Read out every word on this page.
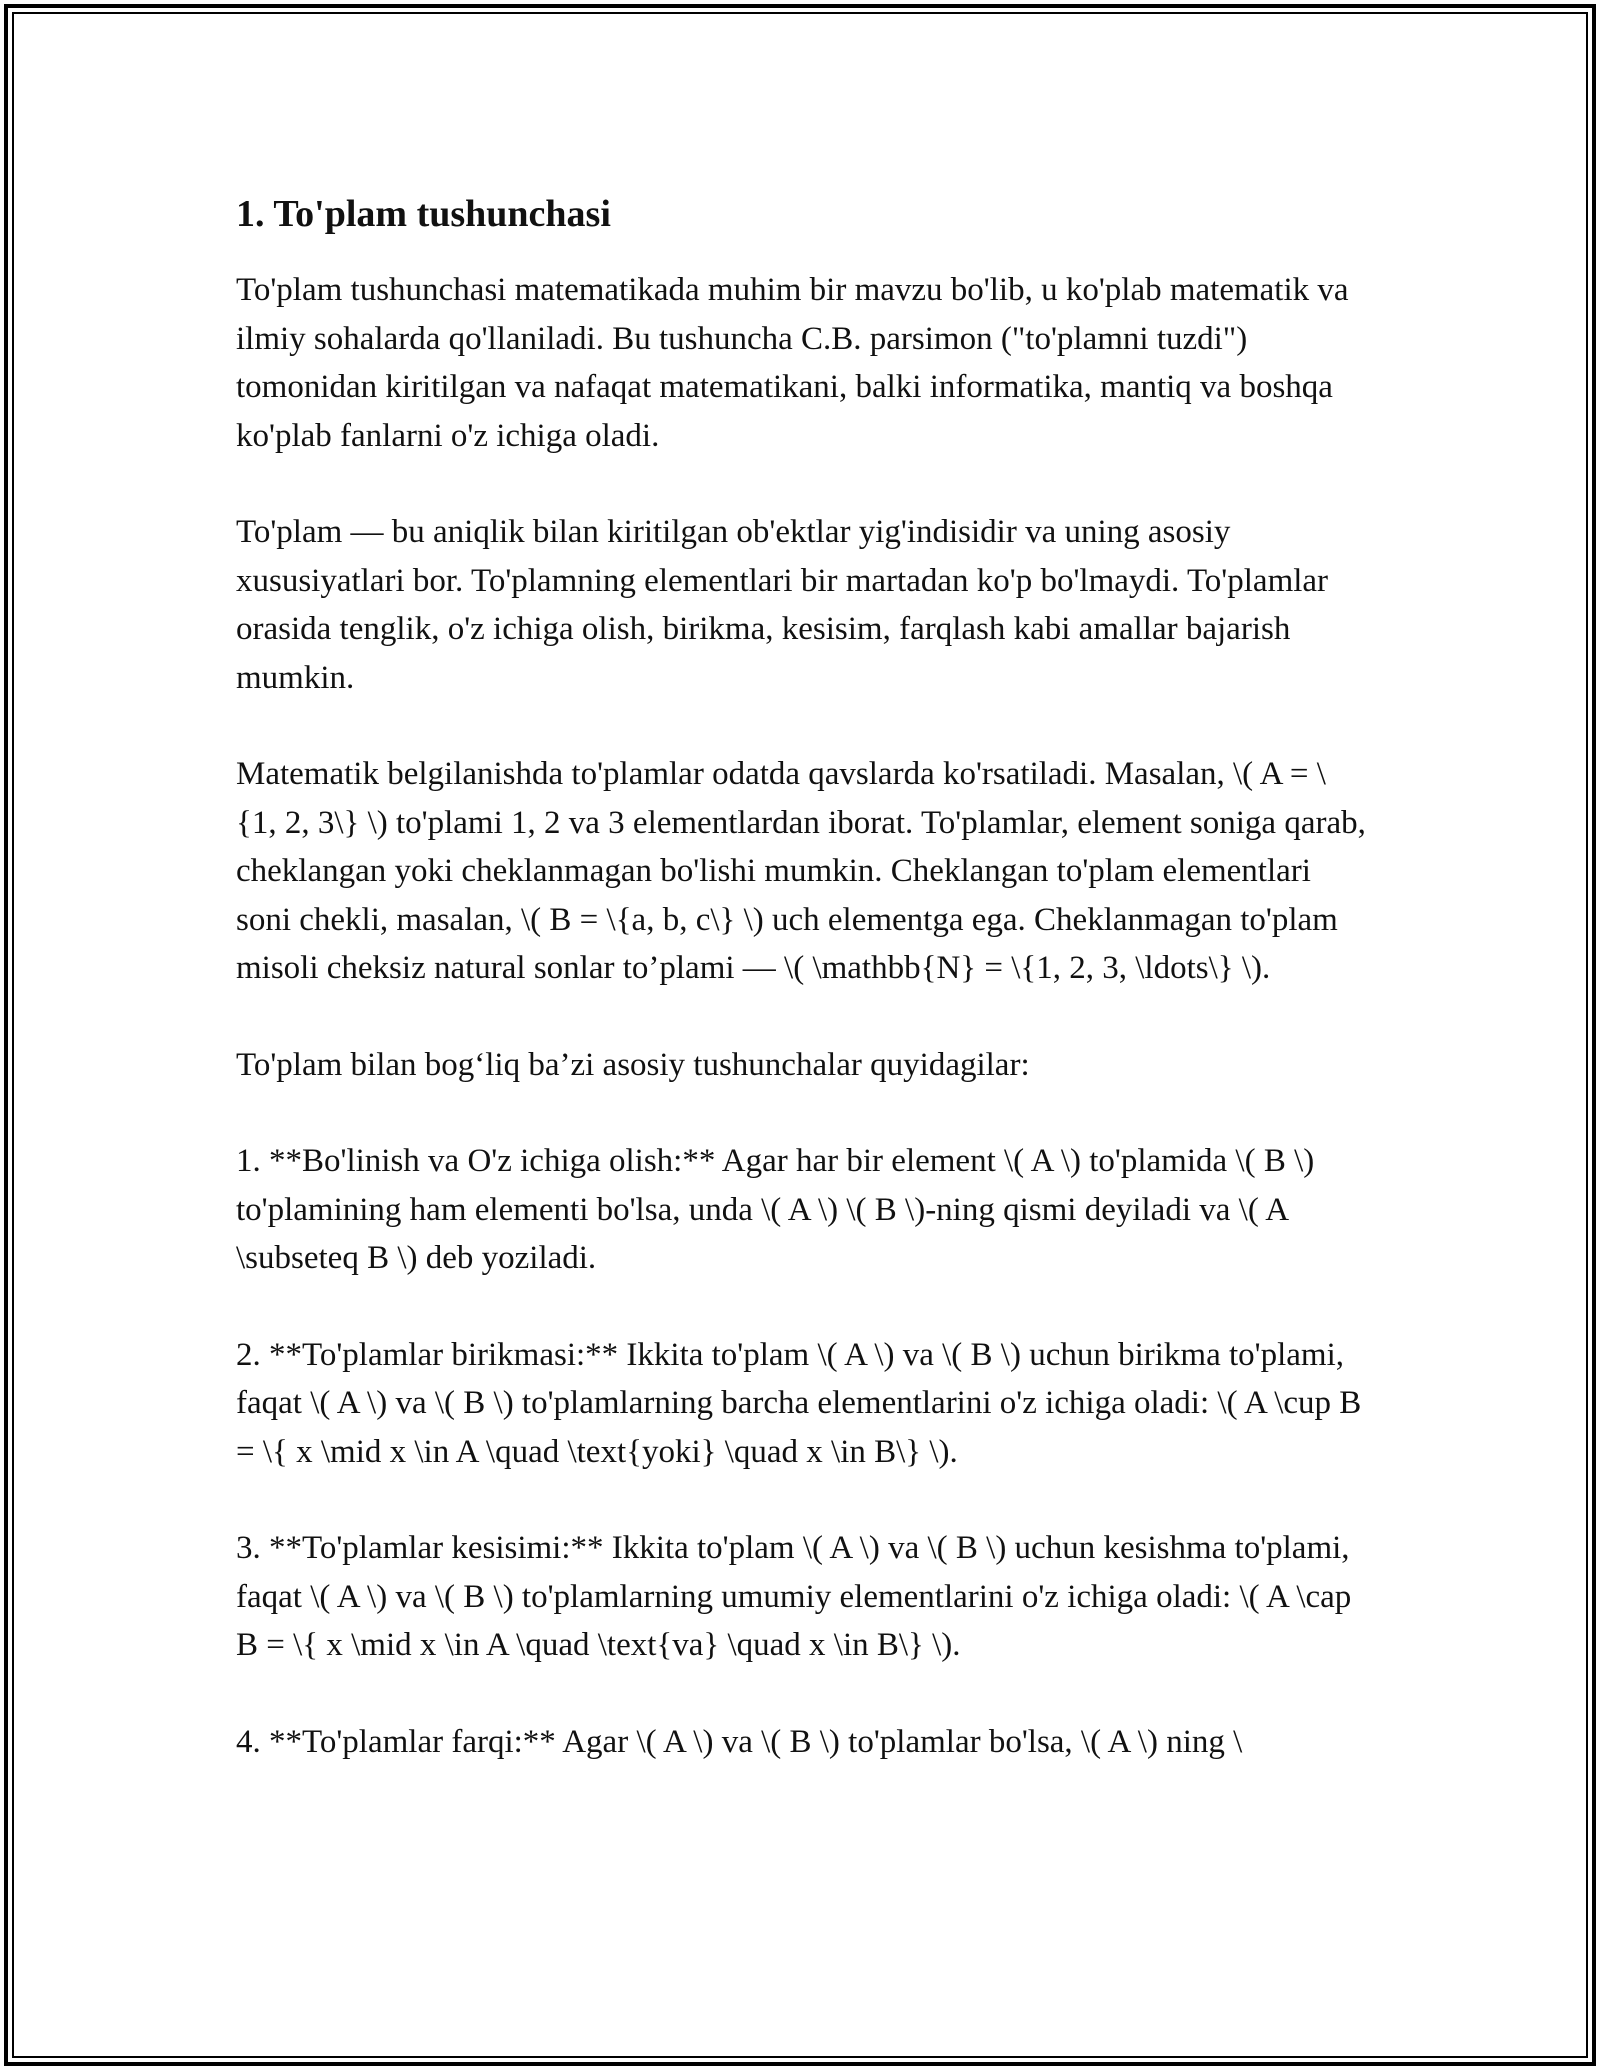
1. To'plam tushunchasi

To'plam tushunchasi matematikada muhim bir mavzu bo'lib, u ko'plab matematik va ilmiy sohalarda qo'llaniladi. Bu tushuncha C.B. parsimon ("to'plamni tuzdi") tomonidan kiritilgan va nafaqat matematikani, balki informatika, mantiq va boshqa ko'plab fanlarni o'z ichiga oladi.

To'plam — bu aniqlik bilan kiritilgan ob'ektlar yig'indisidir va uning asosiy xususiyatlari bor. To'plamning elementlari bir martadan ko'p bo'lmaydi. To'plamlar orasida tenglik, o'z ichiga olish, birikma, kesisim, farqlash kabi amallar bajarish mumkin.

Matematik belgilanishda to'plamlar odatda qavslarda ko'rsatiladi. Masalan, \( A = \{1, 2, 3\} \) to'plami 1, 2 va 3 elementlardan iborat. To'plamlar, element soniga qarab, cheklangan yoki cheklanmagan bo'lishi mumkin. Cheklangan to'plam elementlari soni chekli, masalan, \( B = \{a, b, c\} \) uch elementga ega. Cheklanmagan to'plam misoli cheksiz natural sonlar to’plami — \( \mathbb{N} = \{1, 2, 3, \ldots\} \).

To'plam bilan bog‘liq ba’zi asosiy tushunchalar quyidagilar:

1. **Bo'linish va O'z ichiga olish:** Agar har bir element \( A \) to'plamida \( B \) to'plamining ham elementi bo'lsa, unda \( A \) \( B \)-ning qismi deyiladi va \( A \subseteq B \) deb yoziladi.

2. **To'plamlar birikmasi:** Ikkita to'plam \( A \) va \( B \) uchun birikma to'plami, faqat \( A \) va \( B \) to'plamlarning barcha elementlarini o'z ichiga oladi: \( A \cup B = \{ x \mid x \in A \quad \text{yoki} \quad x \in B\} \).

3. **To'plamlar kesisimi:** Ikkita to'plam \( A \) va \( B \) uchun kesishma to'plami, faqat \( A \) va \( B \) to'plamlarning umumiy elementlarini o'z ichiga oladi: \( A \cap B = \{ x \mid x \in A \quad \text{va} \quad x \in B\} \).

4. **To'plamlar farqi:** Agar \( A \) va \( B \) to'plamlar bo'lsa, \( A \) ning \
